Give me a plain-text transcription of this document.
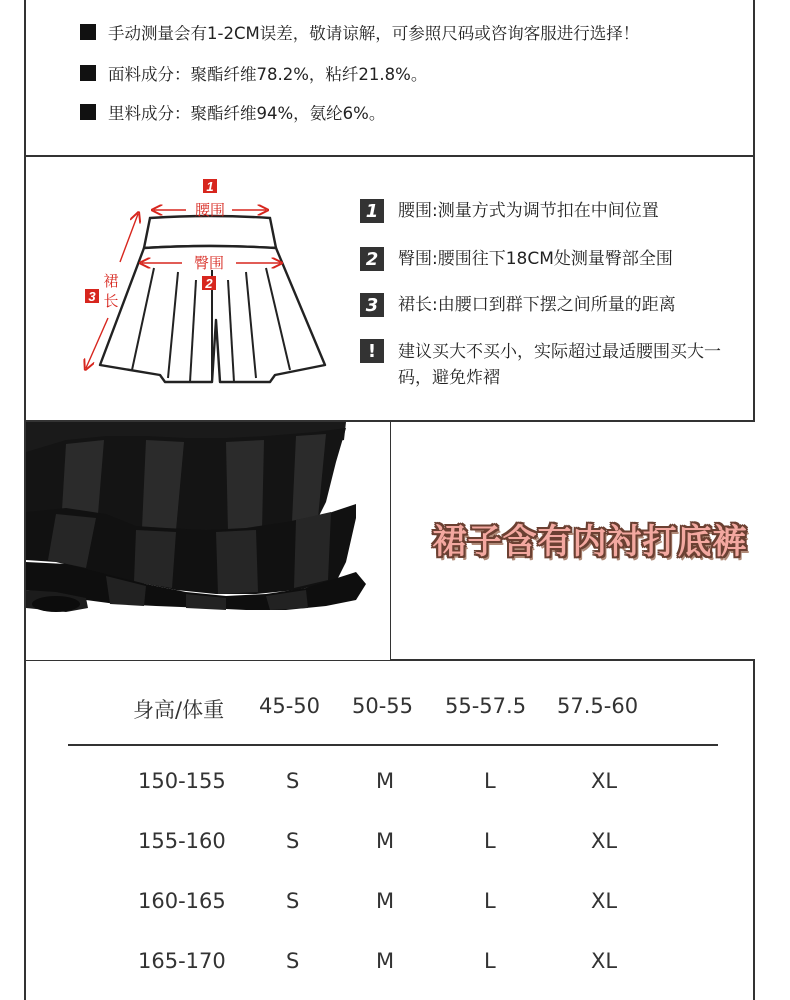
手动测量会有1-2CM误差，敬请谅解，可参照尺码或咨询客服进行选择！
面料成分：聚酯纤维78.2%，粘纤21.8%。
里料成分：聚酯纤维94%，氨纶6%。
1
2
3
腰围
臀围
裙
长
1	腰围:测量方式为调节扣在中间位置
2	臀围:腰围往下18CM处测量臀部全围
3	裙长:由腰口到群下摆之间所量的距离
!	建议买大不买小，实际超过最适腰围买大一码，避免炸褶
裙子含有内衬打底裤
身高/体重 45-50 50-55 55-57.5 57.5-60
150-155	S	M	L	XL
155-160	S	M	L	XL
160-165	S	M	L	XL
165-170	S	M	L	XL
